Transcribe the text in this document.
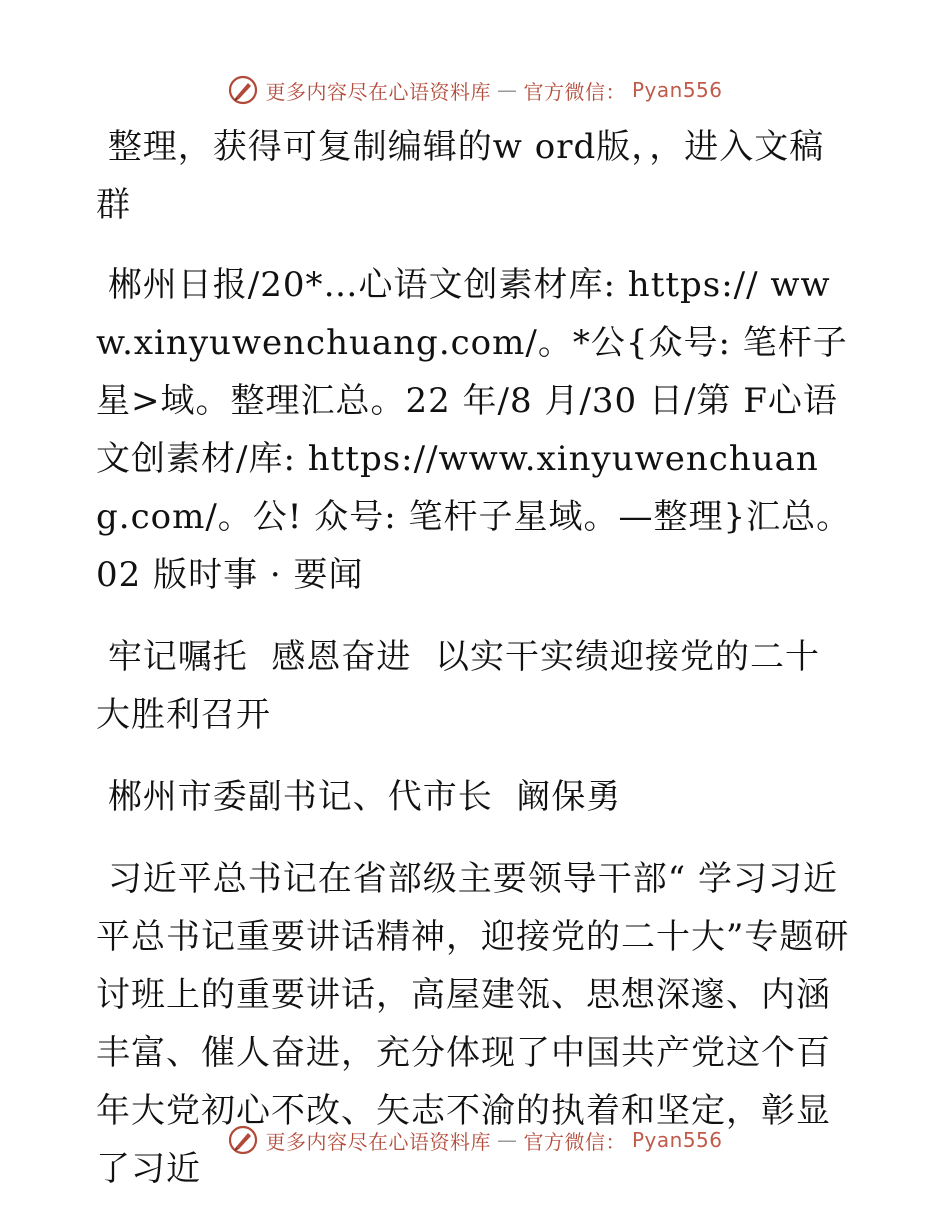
更多内容尽在心语资料库 — 官方微信： Pyan556

整理，获得可复制编辑的w ord版，，进入文稿群

郴州日报/20*…心语文创素材库: https:// www.xinyuwenchuang.com/。*公{众号: 笔杆子星>域。整理汇总。22 年/8 月/30 日/第 F心语文创素材/库: https://www.xinyuwenchuang.com/。公! 众号: 笔杆子星域。—整理}汇总。02 版时事 · 要闻

牢记嘱托  感恩奋进  以实干实绩迎接党的二十大胜利召开

郴州市委副书记、代市长  阚保勇

习近平总书记在省部级主要领导干部“ 学习习近平总书记重要讲话精神，迎接党的二十大”专题研讨班上的重要讲话，高屋建瓴、思想深邃、内涵丰富、催人奋进，充分体现了中国共产党这个百年大党初心不改、矢志不渝的执着和坚定，彰显了习近

更多内容尽在心语资料库 — 官方微信： Pyan556
